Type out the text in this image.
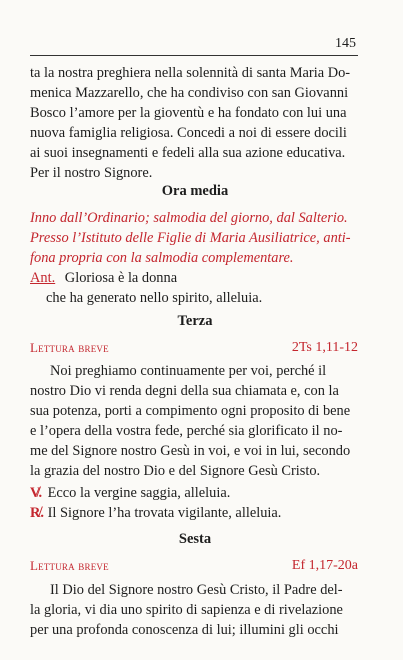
145
ta la nostra preghiera nella solennità di santa Maria Do-
menica Mazzarello, che ha condiviso con san Giovanni
Bosco l’amore per la gioventù e ha fondato con lui una
nuova famiglia religiosa. Concedi a noi di essere docili
ai suoi insegnamenti e fedeli alla sua azione educativa.
Per il nostro Signore.
Ora media
Inno dall’Ordinario; salmodia del giorno, dal Salterio.
Presso l’Istituto delle Figlie di Maria Ausiliatrice, anti-
fona propria con la salmodia complementare.
Ant. Gloriosa è la donna
che ha generato nello spirito, alleluia.
Terza
Lettura breve	2Ts 1,11-12
Noi preghiamo continuamente per voi, perché il
nostro Dio vi renda degni della sua chiamata e, con la
sua potenza, porti a compimento ogni proposito di bene
e l’opera della vostra fede, perché sia glorificato il no-
me del Signore nostro Gesù in voi, e voi in lui, secondo
la grazia del nostro Dio e del Signore Gesù Cristo.
V̸. Ecco la vergine saggia, alleluia.
R̸. Il Signore l’ha trovata vigilante, alleluia.
Sesta
Lettura breve	Ef 1,17-20a
Il Dio del Signore nostro Gesù Cristo, il Padre del-
la gloria, vi dia uno spirito di sapienza e di rivelazione
per una profonda conoscenza di lui; illumini gli occhi
